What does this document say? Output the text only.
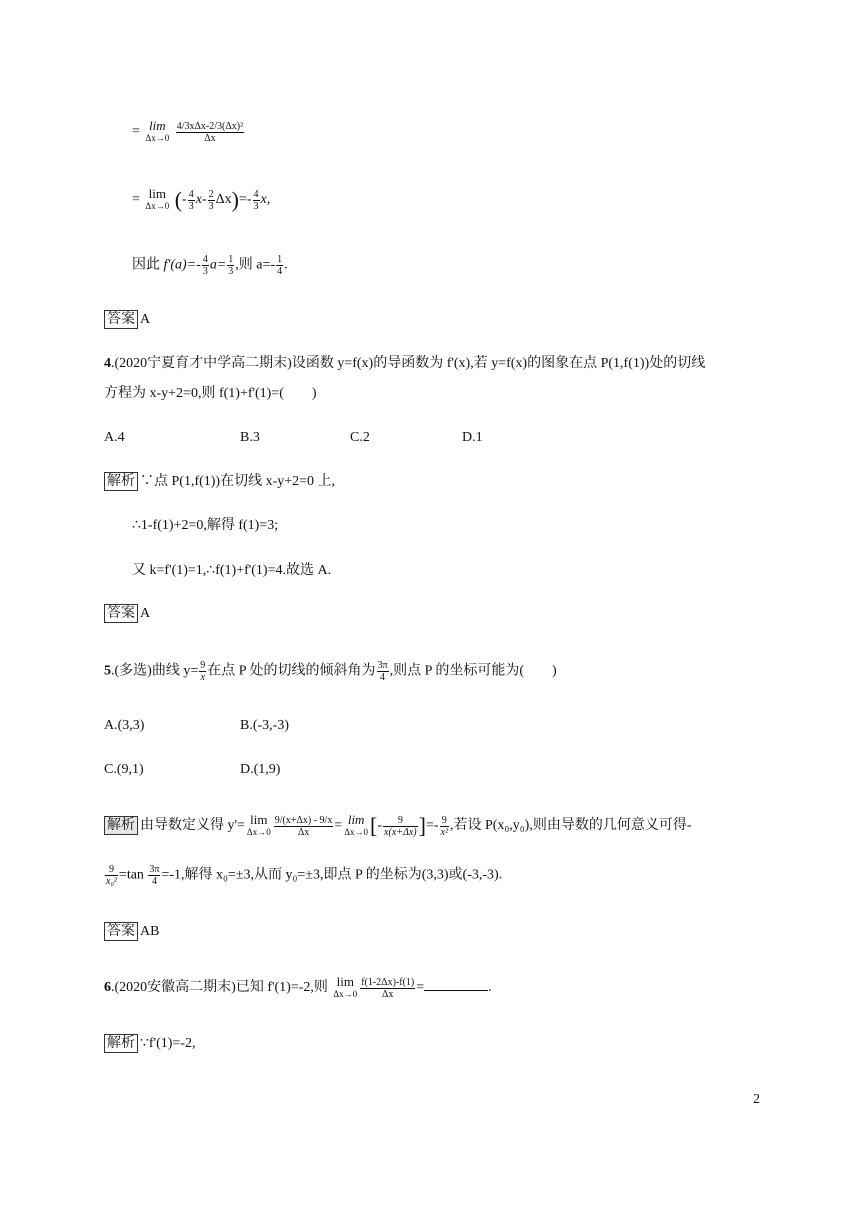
= lim
Δx→0
$\frac{\text{4/3xΔx-2/3(Δx)²}}{\Delta x}$
= lim
Δx→0 (- $\frac{4}{3} x- \frac{2}{3} \Delta x)=- \frac{4}{3} x$,
因此 $f'(a)=- \frac{4}{3} a= \frac{1}{3}$ ,则 $a=- \frac{1}{4}$ .
答案 A
4.(2020宁夏育才中学高二期末)设函数 y=f(x)的导函数为 f'(x),若 y=f(x)的图象在点 P(1,f(1))处的切线
方程为 x-y+2=0,则 f(1)+f'(1)=(　　)
A.4	B.3	C.2	D.1
解析 ∵点 P(1,f(1))在切线 x-y+2=0 上,
∴1-f(1)+2=0,解得 f(1)=3;
又 k=f'(1)=1,∴f(1)+f'(1)=4.故选 A.
答案 A
5.(多选)曲线 $y= \frac{9}{x}$ 在点 P 处的切线的倾斜角为 $\frac{3\pi}{4}$ ,则点 P 的坐标可能为(　　)
A.(3,3)	B.(-3,-3)
C.(9,1)	D.(1,9)
解析 由导数定义得 y'= lim
$\Delta x\to 0 \frac{9/(x+\Delta x) - 9/x}{\Delta x} = \lim$
Δx→0 [- $\frac{9}{x(x+\Delta x)}$ ]=- $\frac{9}{\text{x²}}$ ,若设 P(x₀,y₀),则由导数的几何意义可得-
$\frac{9}{\text{x₀²}} =\tan \frac{3\pi}{4} =-1$,解得 x₀=±3,从而 y₀=±3,即点 P 的坐标为(3,3)或(-3,-3).
答案 AB
6.(2020安徽高二期末)已知 f'(1)=-2,则 lim
$\Delta x\to 0 \frac{f(1-2\Delta x)-f(1)}{\Delta x}$ =	.
解析 ∵f'(1)=-2,
2
